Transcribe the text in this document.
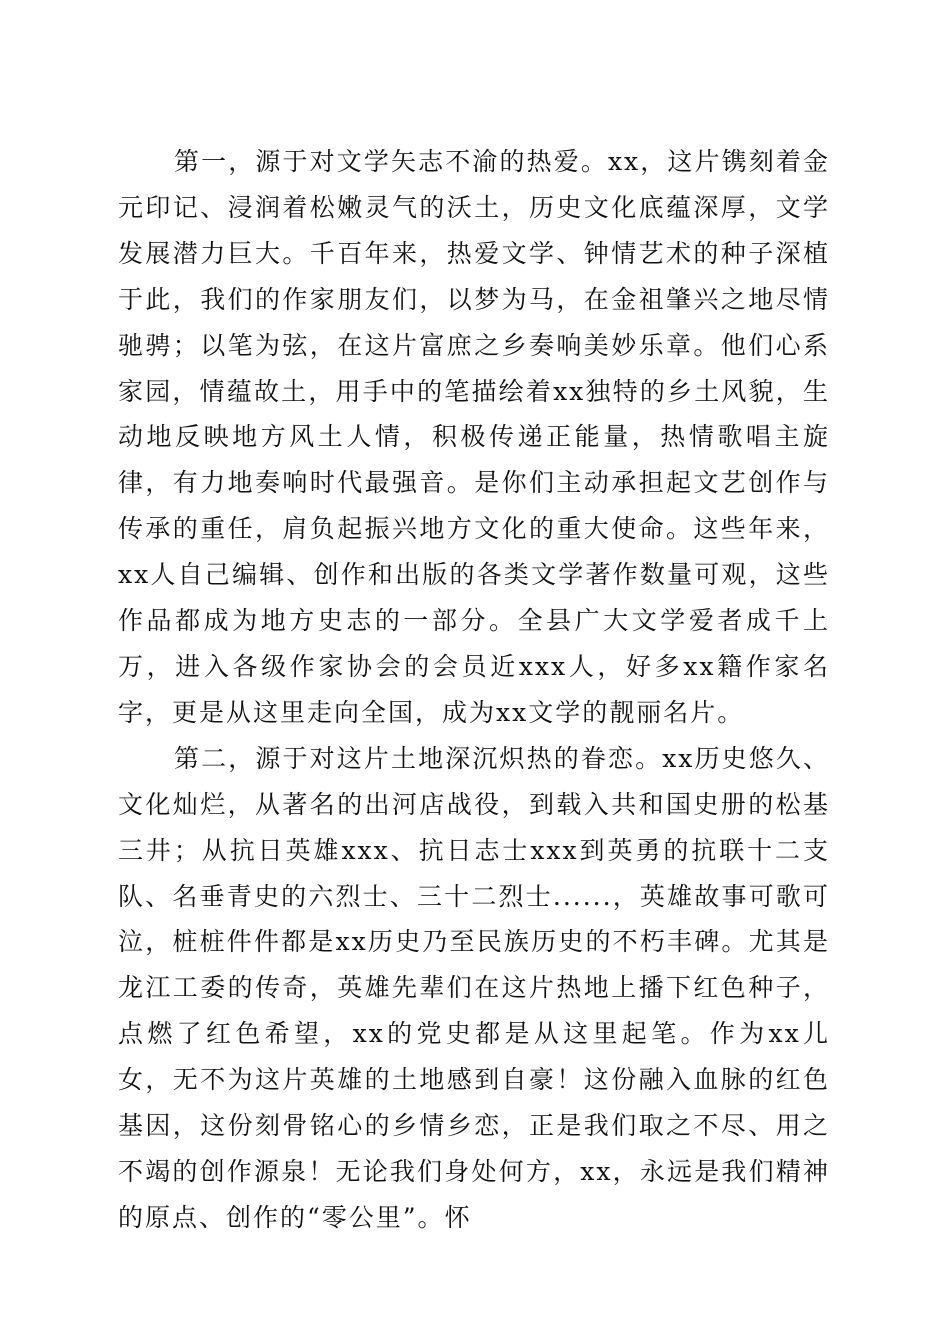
第一，源于对文学矢志不渝的热爱。xx，这片镌刻着金元印记、浸润着松嫩灵气的沃土，历史文化底蕴深厚，文学发展潜力巨大。千百年来，热爱文学、钟情艺术的种子深植于此，我们的作家朋友们，以梦为马，在金祖肇兴之地尽情驰骋；以笔为弦，在这片富庶之乡奏响美妙乐章。他们心系家园，情蕴故土，用手中的笔描绘着xx独特的乡土风貌，生动地反映地方风土人情，积极传递正能量，热情歌唱主旋律，有力地奏响时代最强音。是你们主动承担起文艺创作与传承的重任，肩负起振兴地方文化的重大使命。这些年来，xx人自己编辑、创作和出版的各类文学著作数量可观，这些作品都成为地方史志的一部分。全县广大文学爱者成千上万，进入各级作家协会的会员近xxx人，好多xx籍作家名字，更是从这里走向全国，成为xx文学的靓丽名片。

第二，源于对这片土地深沉炽热的眷恋。xx历史悠久、文化灿烂，从著名的出河店战役，到载入共和国史册的松基三井；从抗日英雄xxx、抗日志士xxx到英勇的抗联十二支队、名垂青史的六烈士、三十二烈士......，英雄故事可歌可泣，桩桩件件都是xx历史乃至民族历史的不朽丰碑。尤其是龙江工委的传奇，英雄先辈们在这片热地上播下红色种子，点燃了红色希望，xx的党史都是从这里起笔。作为xx儿女，无不为这片英雄的土地感到自豪！这份融入血脉的红色基因，这份刻骨铭心的乡情乡恋，正是我们取之不尽、用之不竭的创作源泉！无论我们身处何方，xx，永远是我们精神的原点、创作的“零公里”。怀
